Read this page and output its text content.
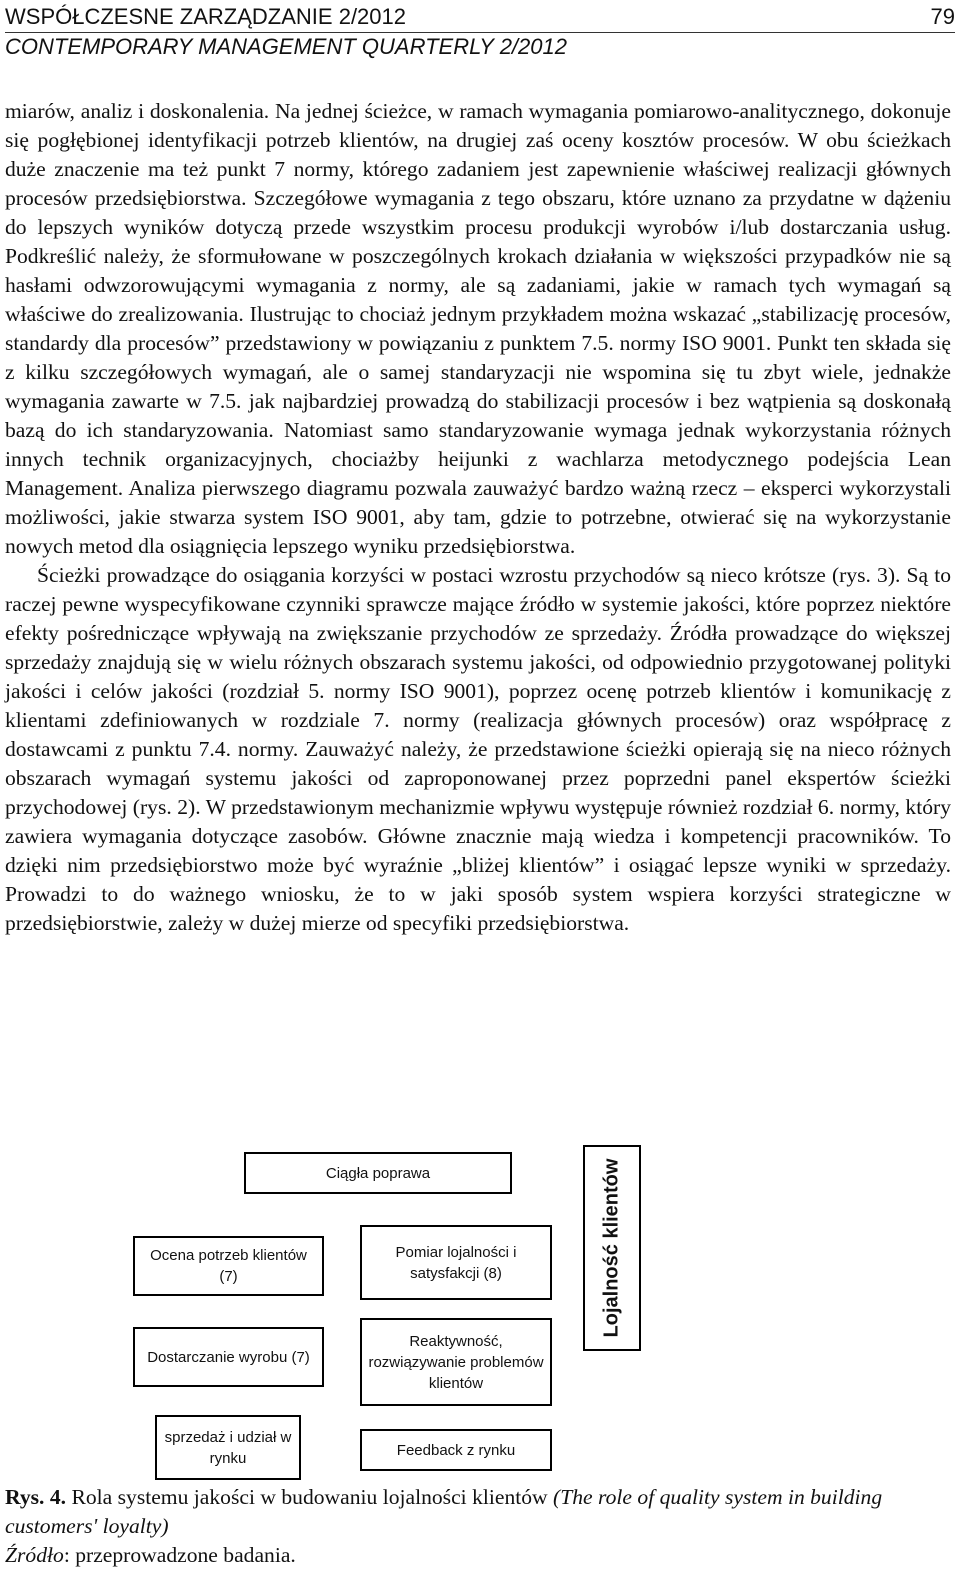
WSPÓŁCZESNE ZARZĄDZANIE 2/2012	79
CONTEMPORARY MANAGEMENT QUARTERLY 2/2012

miarów, analiz i doskonalenia. Na jednej ścieżce, w ramach wymagania pomiarowo-analitycznego, dokonuje się pogłębionej identyfikacji potrzeb klientów, na drugiej zaś oceny kosztów procesów. W obu ścieżkach duże znaczenie ma też punkt 7 normy, którego zadaniem jest zapewnienie właściwej realizacji głównych procesów przedsiębiorstwa. Szczegółowe wymagania z tego obszaru, które uznano za przydatne w dążeniu do lepszych wyników dotyczą przede wszystkim procesu produkcji wyrobów i/lub dostarczania usług. Podkreślić należy, że sformułowane w poszczególnych krokach działania w większości przypadków nie są hasłami odwzorowującymi wymagania z normy, ale są zadaniami, jakie w ramach tych wymagań są właściwe do zrealizowania. Ilustrując to chociaż jednym przykładem można wskazać „stabilizację procesów, standardy dla procesów” przedstawiony w powiązaniu z punktem 7.5. normy ISO 9001. Punkt ten składa się z kilku szczegółowych wymagań, ale o samej standaryzacji nie wspomina się tu zbyt wiele, jednakże wymagania zawarte w 7.5. jak najbardziej prowadzą do stabilizacji procesów i bez wątpienia są doskonałą bazą do ich standaryzowania. Natomiast samo standaryzowanie wymaga jednak wykorzystania różnych innych technik organizacyjnych, chociażby heijunki z wachlarza metodycznego podejścia Lean Management. Analiza pierwszego diagramu pozwala zauważyć bardzo ważną rzecz – eksperci wykorzystali możliwości, jakie stwarza system ISO 9001, aby tam, gdzie to potrzebne, otwierać się na wykorzystanie nowych metod dla osiągnięcia lepszego wyniku przedsiębiorstwa.

Ścieżki prowadzące do osiągania korzyści w postaci wzrostu przychodów są nieco krótsze (rys. 3). Są to raczej pewne wyspecyfikowane czynniki sprawcze mające źródło w systemie jakości, które poprzez niektóre efekty pośredniczące wpływają na zwiększanie przychodów ze sprzedaży. Źródła prowadzące do większej sprzedaży znajdują się w wielu różnych obszarach systemu jakości, od odpowiednio przygotowanej polityki jakości i celów jakości (rozdział 5. normy ISO 9001), poprzez ocenę potrzeb klientów i komunikację z klientami zdefiniowanych w rozdziale 7. normy (realizacja głównych procesów) oraz współpracę z dostawcami z punktu 7.4. normy. Zauważyć należy, że przedstawione ścieżki opierają się na nieco różnych obszarach wymagań systemu jakości od zaproponowanej przez poprzedni panel ekspertów ścieżki przychodowej (rys. 2). W przedstawionym mechanizmie wpływu występuje również rozdział 6. normy, który zawiera wymagania dotyczące zasobów. Główne znacznie mają wiedza i kompetencji pracowników. To dzięki nim przedsiębiorstwo może być wyraźnie „bliżej klientów” i osiągać lepsze wyniki w sprzedaży. Prowadzi to do ważnego wniosku, że to w jaki sposób system wspiera korzyści strategiczne w przedsiębiorstwie, zależy w dużej mierze od specyfiki przedsiębiorstwa.

Ciągła poprawa
Ocena potrzeb klientów (7)
Dostarczanie wyrobu (7)
sprzedaż i udział w rynku
Pomiar lojalności i satysfakcji (8)
Reaktywność, rozwiązywanie problemów klientów
Feedback z rynku
Lojalność klientów
Rys. 4. Rola systemu jakości w budowaniu lojalności klientów (The role of quality system in building customers' loyalty)
Źródło: przeprowadzone badania.
